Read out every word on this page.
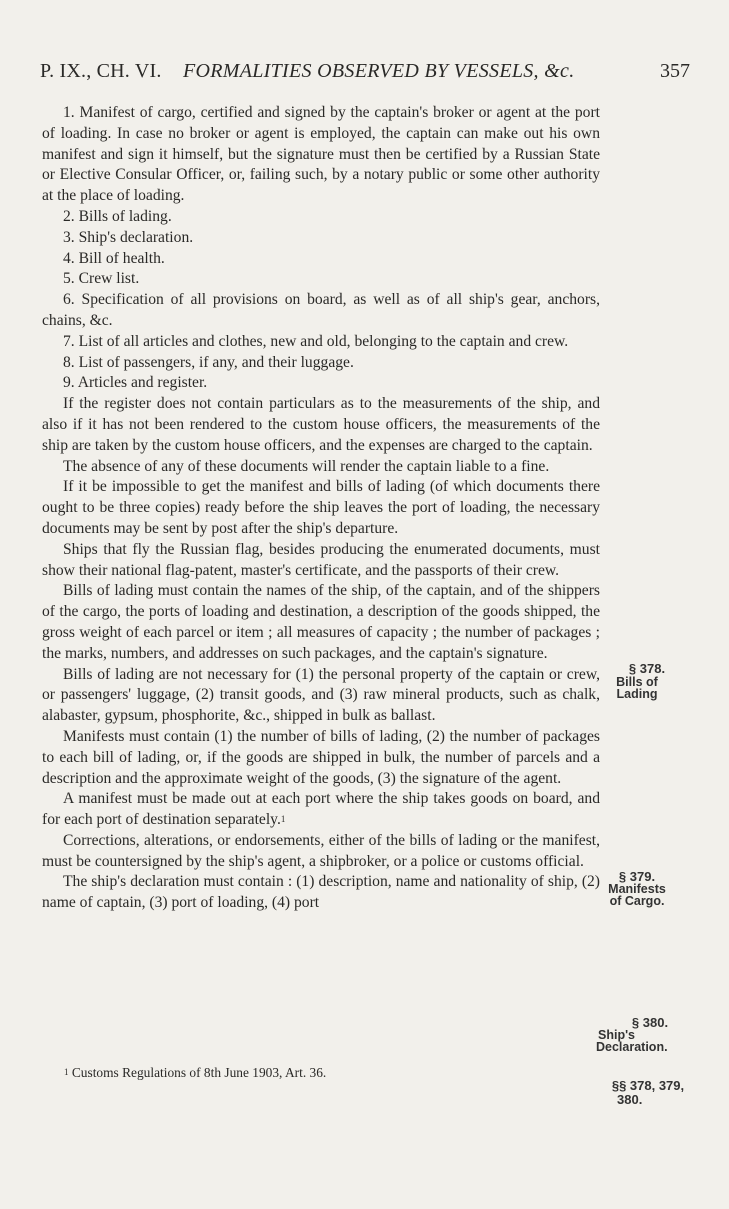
P. IX., CH. VI. FORMALITIES OBSERVED BY VESSELS, &c.	357

1. Manifest of cargo, certified and signed by the captain's broker or agent at the port of loading. In case no broker or agent is employed, the captain can make out his own manifest and sign it himself, but the signature must then be certified by a Russian State or Elective Consular Officer, or, failing such, by a notary public or some other authority at the place of loading.

2. Bills of lading.

3. Ship's declaration.

4. Bill of health.

5. Crew list.

6. Specification of all provisions on board, as well as of all ship's gear, anchors, chains, &c.

7. List of all articles and clothes, new and old, belonging to the captain and crew.

8. List of passengers, if any, and their luggage.

9. Articles and register.

If the register does not contain particulars as to the measurements of the ship, and also if it has not been rendered to the custom house officers, the measurements of the ship are taken by the custom house officers, and the expenses are charged to the captain.

The absence of any of these documents will render the captain liable to a fine.

If it be impossible to get the manifest and bills of lading (of which documents there ought to be three copies) ready before the ship leaves the port of loading, the necessary documents may be sent by post after the ship's departure.

Ships that fly the Russian flag, besides producing the enumerated documents, must show their national flag-patent, master's certificate, and the passports of their crew.

Bills of lading must contain the names of the ship, of the captain, and of the shippers of the cargo, the ports of loading and destination, a description of the goods shipped, the gross weight of each parcel or item ; all measures of capacity ; the number of packages ; the marks, numbers, and addresses on such packages, and the captain's signature.

Bills of lading are not necessary for (1) the personal property of the captain or crew, or passengers' luggage, (2) transit goods, and (3) raw mineral products, such as chalk, alabaster, gypsum, phosphorite, &c., shipped in bulk as ballast.

Manifests must contain (1) the number of bills of lading, (2) the number of packages to each bill of lading, or, if the goods are shipped in bulk, the number of parcels and a description and the approximate weight of the goods, (3) the signature of the agent.

A manifest must be made out at each port where the ship takes goods on board, and for each port of destination separately.$^1$

Corrections, alterations, or endorsements, either of the bills of lading or the manifest, must be countersigned by the ship's agent, a shipbroker, or a police or customs official.

The ship's declaration must contain : (1) description, name and nationality of ship, (2) name of captain, (3) port of loading, (4) port

§ 378.
Bills of
Lading
§ 379.
Manifests
of Cargo.
§ 380.
Ship's
Declaration.
§§ 378, 379,
380.
$^1$ Customs Regulations of 8th June 1903, Art. 36.
